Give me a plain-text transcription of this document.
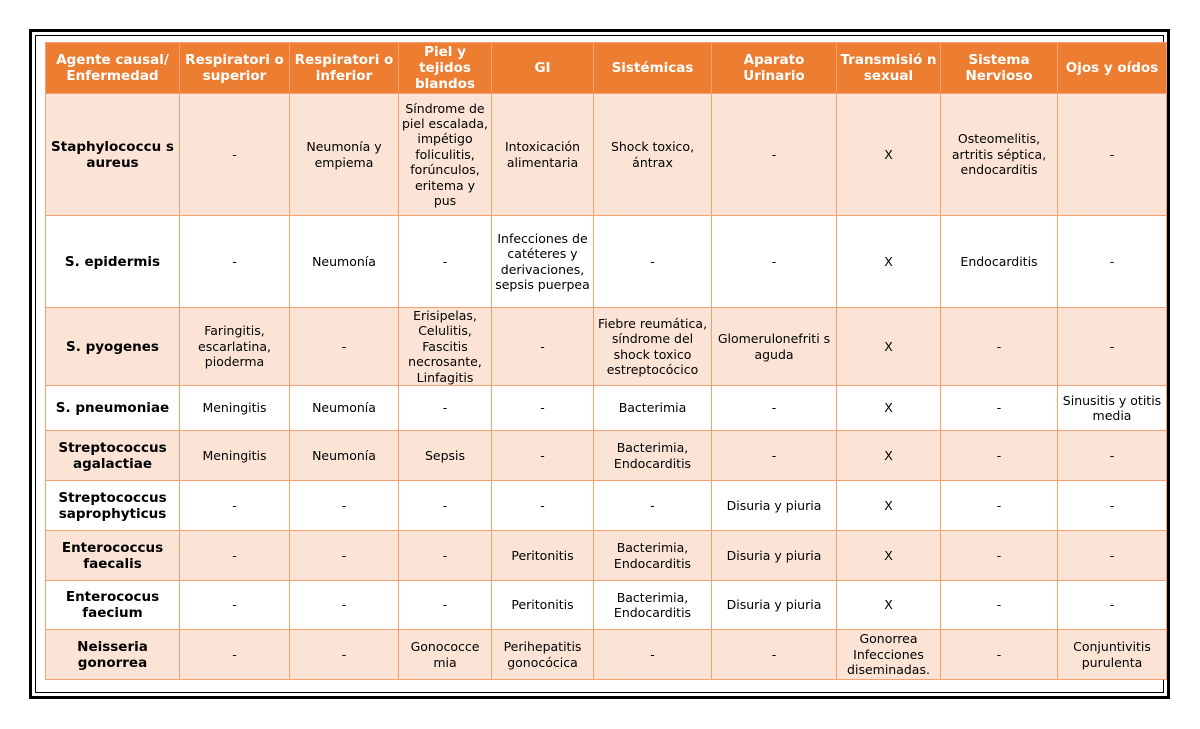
Agente causal/ Enfermedad	Respiratori o superior	Respiratori o inferior	Piel y tejidos blandos	GI	Sistémicas	Aparato Urinario	Transmisió n sexual	Sistema Nervioso	Ojos y oídos
Staphylococcu s aureus	-	Neumonía y empiema	Síndrome de piel escalada, impétigo foliculitis, forúnculos, eritema y pus	Intoxicación alimentaria	Shock toxico, ántrax	-	X	Osteomelitis, artritis séptica, endocarditis	-
S. epidermis	-	Neumonía	-	Infecciones de catéteres y derivaciones, sepsis puerpea	-	-	X	Endocarditis	-
S. pyogenes	Faringitis, escarlatina, pioderma	-	Erisipelas, Celulitis, Fascitis necrosante, Linfagitis	-	Fiebre reumática, síndrome del shock toxico estreptocócico	Glomerulonefriti s aguda	X	-	-
S. pneumoniae	Meningitis	Neumonía	-	-	Bacterimia	-	X	-	Sinusitis y otitis media
Streptococcus agalactiae	Meningitis	Neumonía	Sepsis	-	Bacterimia, Endocarditis	-	X	-	-
Streptococcus saprophyticus	-	-	-	-	-	Disuria y piuria	X	-	-
Enterococcus faecalis	-	-	-	Peritonitis	Bacterimia, Endocarditis	Disuria y piuria	X	-	-
Enterococus faecium	-	-	-	Peritonitis	Bacterimia, Endocarditis	Disuria y piuria	X	-	-
Neisseria gonorrea	-	-	Gonococce mia	Perihepatitis gonocócica	-	-	Gonorrea Infecciones diseminadas.	-	Conjuntivitis purulenta
